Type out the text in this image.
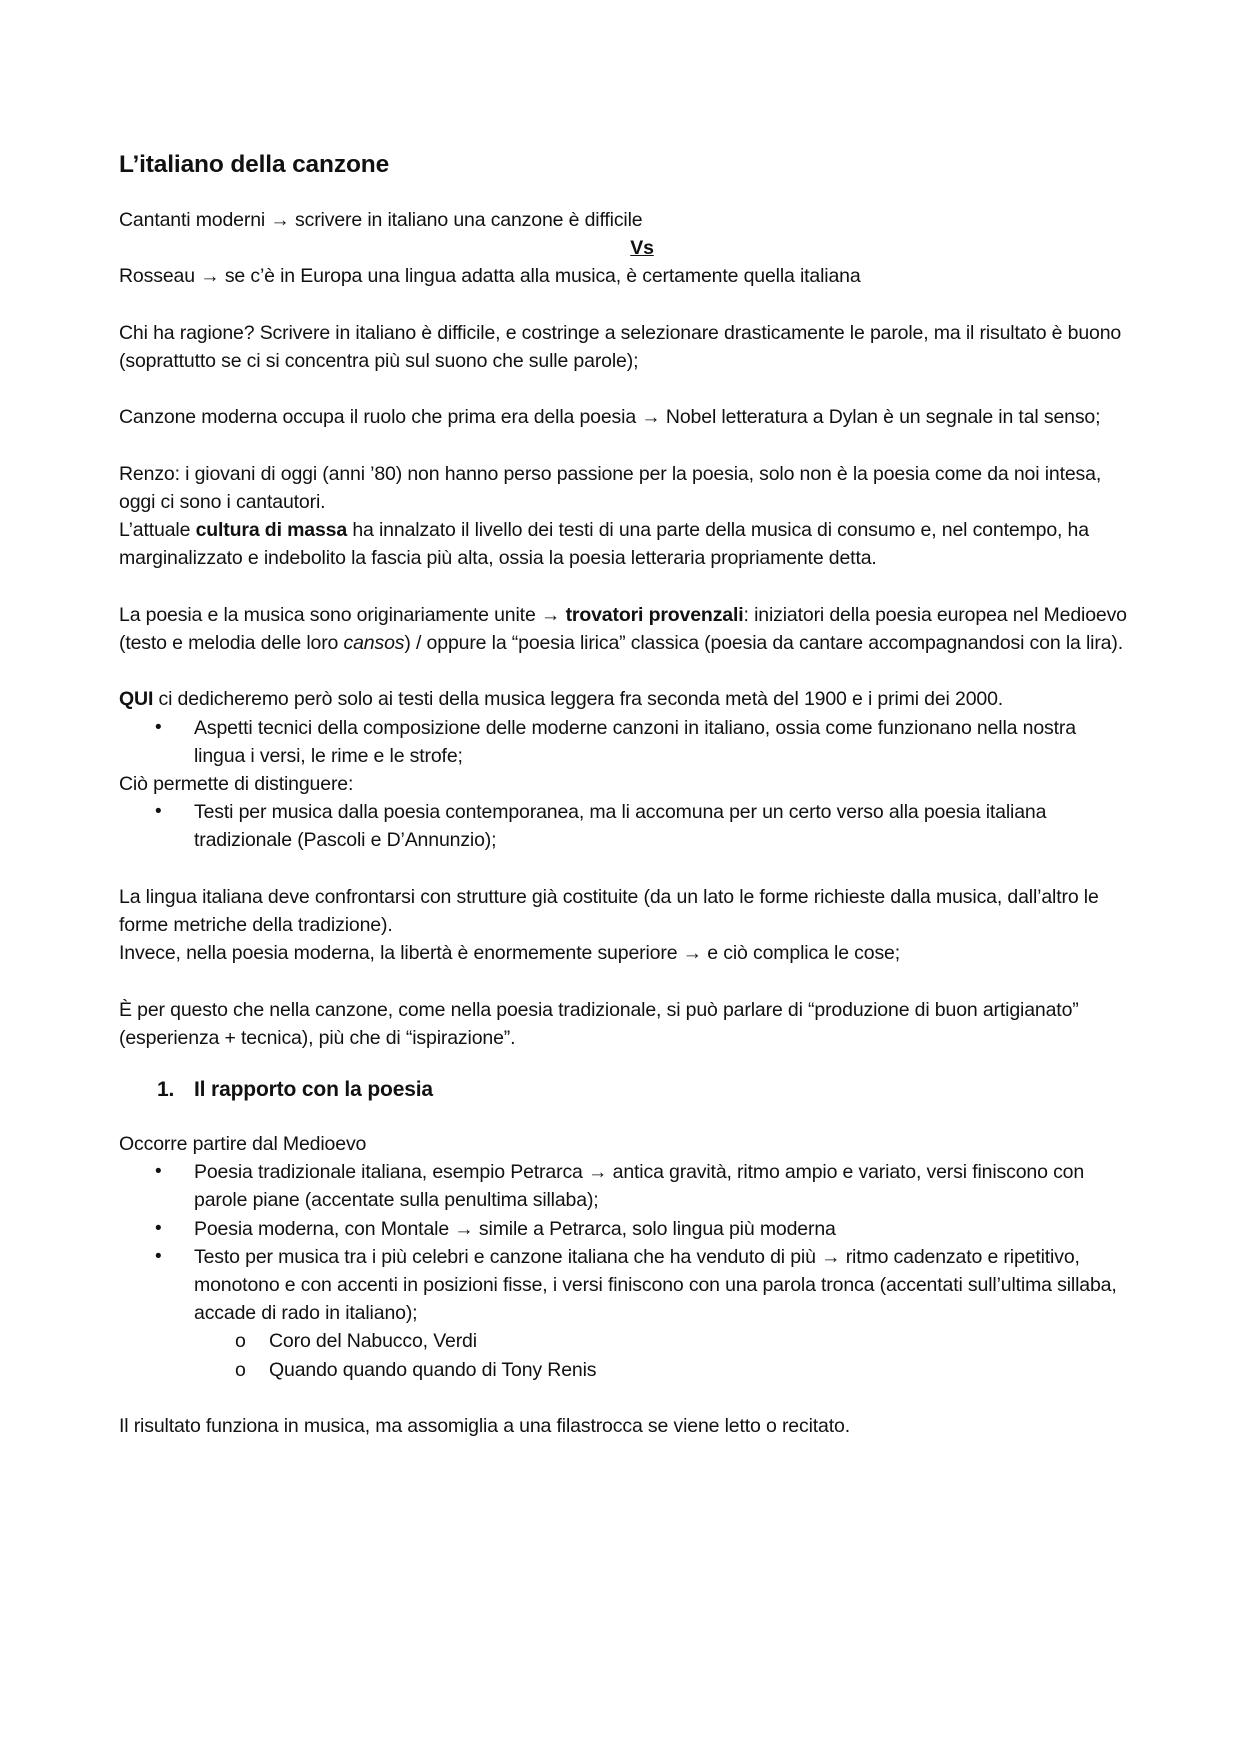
L’italiano della canzone

Cantanti moderni → scrivere in italiano una canzone è difficile

Vs

Rosseau → se c’è in Europa una lingua adatta alla musica, è certamente quella italiana

Chi ha ragione? Scrivere in italiano è difficile, e costringe a selezionare drasticamente le parole, ma il risultato è buono (soprattutto se ci si concentra più sul suono che sulle parole);

Canzone moderna occupa il ruolo che prima era della poesia → Nobel letteratura a Dylan è un segnale in tal senso;

Renzo: i giovani di oggi (anni ’80) non hanno perso passione per la poesia, solo non è la poesia come da noi intesa, oggi ci sono i cantautori.

L’attuale cultura di massa ha innalzato il livello dei testi di una parte della musica di consumo e, nel contempo, ha marginalizzato e indebolito la fascia più alta, ossia la poesia letteraria propriamente detta.

La poesia e la musica sono originariamente unite → trovatori provenzali: iniziatori della poesia europea nel Medioevo (testo e melodia delle loro cansos) / oppure la “poesia lirica” classica (poesia da cantare accompagnandosi con la lira).

QUI ci dedicheremo però solo ai testi della musica leggera fra seconda metà del 1900 e i primi dei 2000.

• Aspetti tecnici della composizione delle moderne canzoni in italiano, ossia come funzionano nella nostra lingua i versi, le rime e le strofe;

Ciò permette di distinguere:

• Testi per musica dalla poesia contemporanea, ma li accomuna per un certo verso alla poesia italiana tradizionale (Pascoli e D’Annunzio);

La lingua italiana deve confrontarsi con strutture già costituite (da un lato le forme richieste dalla musica, dall’altro le forme metriche della tradizione).

Invece, nella poesia moderna, la libertà è enormemente superiore → e ciò complica le cose;

È per questo che nella canzone, come nella poesia tradizionale, si può parlare di “produzione di buon artigianato” (esperienza + tecnica), più che di “ispirazione”.

1. Il rapporto con la poesia

Occorre partire dal Medioevo

• Poesia tradizionale italiana, esempio Petrarca → antica gravità, ritmo ampio e variato, versi finiscono con parole piane (accentate sulla penultima sillaba);
• Poesia moderna, con Montale → simile a Petrarca, solo lingua più moderna
• Testo per musica tra i più celebri e canzone italiana che ha venduto di più → ritmo cadenzato e ripetitivo, monotono e con accenti in posizioni fisse, i versi finiscono con una parola tronca (accentati sull’ultima sillaba, accade di rado in italiano);
o Coro del Nabucco, Verdi
o Quando quando quando di Tony Renis

Il risultato funziona in musica, ma assomiglia a una filastrocca se viene letto o recitato.
